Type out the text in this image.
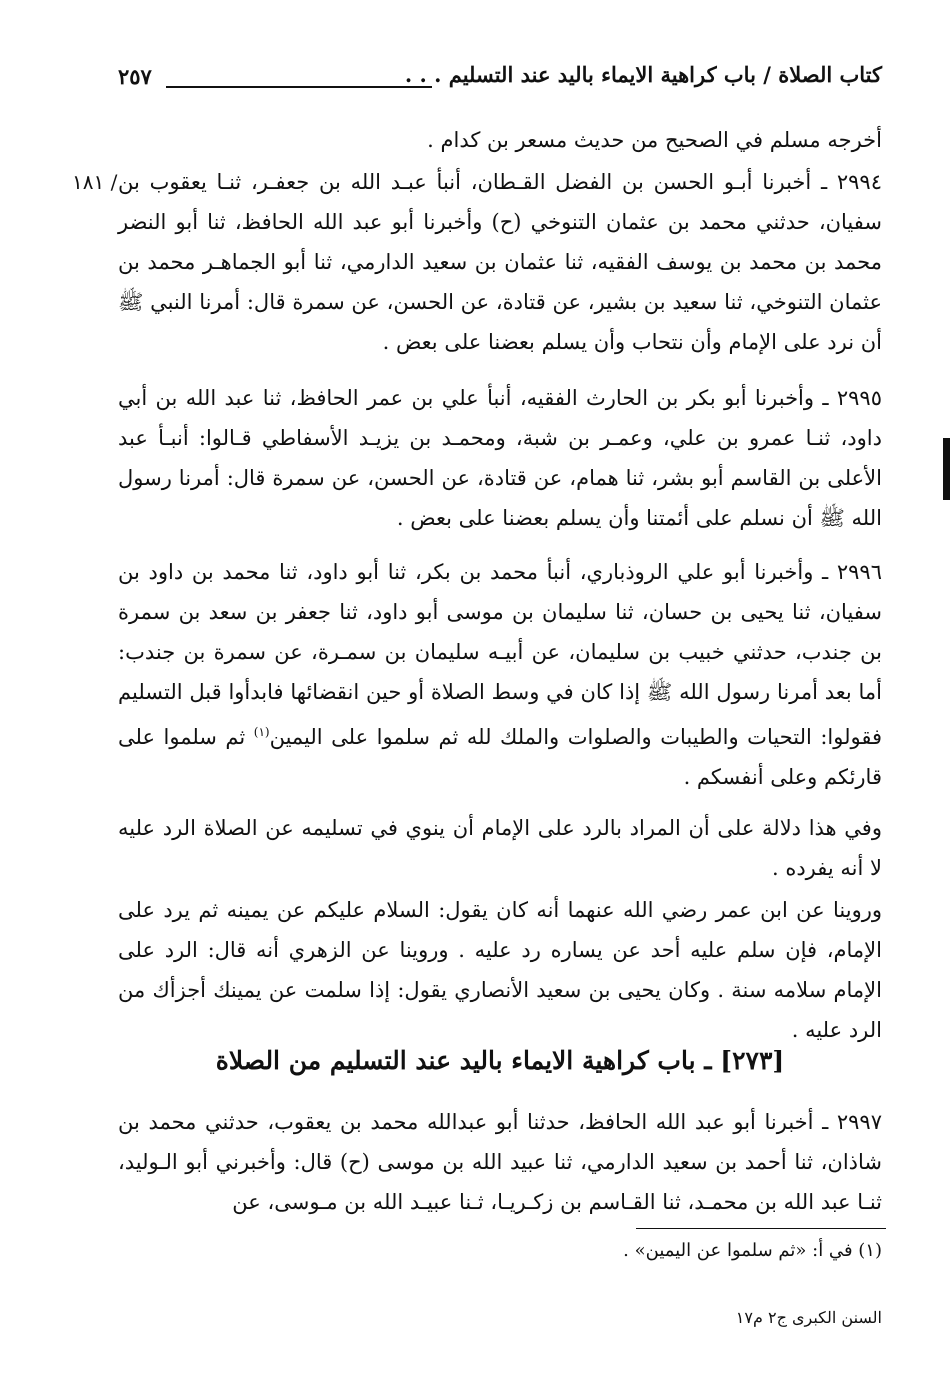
كتاب الصلاة / باب كراهية الايماء باليد عند التسليم . . .
٢٥٧

أخرجه مسلم في الصحيح من حديث مسعر بن كدام .

/ ١٨١ ٢٩٩٤ ـ أخبرنا أبـو الحسن بن الفضل القـطان، أنبأ عبـد الله بن جعفـر، ثنـا يعقوب بن سفيان، حدثني محمد بن عثمان التنوخي (ح) وأخبرنا أبو عبد الله الحافظ، ثنا أبو النضر محمد بن محمد بن يوسف الفقيه، ثنا عثمان بن سعيد الدارمي، ثنا أبو الجماهـر محمد بن عثمان التنوخي، ثنا سعيد بن بشير، عن قتادة، عن الحسن، عن سمرة قال: أمرنا النبي ﷺ أن نرد على الإمام وأن نتحاب وأن يسلم بعضنا على بعض .

٢٩٩٥ ـ وأخبرنا أبو بكر بن الحارث الفقيه، أنبأ علي بن عمر الحافظ، ثنا عبد الله بن أبي داود، ثنـا عمرو بن علي، وعمـر بن شبة، ومحمـد بن يزيـد الأسفاطي قـالوا: أنبـأ عبد الأعلى بن القاسم أبو بشر، ثنا همام، عن قتادة، عن الحسن، عن سمرة قال: أمرنا رسول الله ﷺ أن نسلم على أئمتنا وأن يسلم بعضنا على بعض .

٢٩٩٦ ـ وأخبرنا أبو علي الروذباري، أنبأ محمد بن بكر، ثنا أبو داود، ثنا محمد بن داود بن سفيان، ثنا يحيى بن حسان، ثنا سليمان بن موسى أبو داود، ثنا جعفر بن سعد بن سمرة بن جندب، حدثني خبيب بن سليمان، عن أبيـه سليمان بن سمـرة، عن سمرة بن جندب: أما بعد أمرنا رسول الله ﷺ إذا كان في وسط الصلاة أو حين انقضائها فابدأوا قبل التسليم فقولوا: التحيات والطيبات والصلوات والملك لله ثم سلموا على اليمين$^{(١)}$ ثم سلموا على قارئكم وعلى أنفسكم .

وفي هذا دلالة على أن المراد بالرد على الإمام أن ينوي في تسليمه عن الصلاة الرد عليه لا أنه يفرده .

وروينا عن ابن عمر رضي الله عنهما أنه كان يقول: السلام عليكم عن يمينه ثم يرد على الإمام، فإن سلم عليه أحد عن يساره رد عليه . وروينا عن الزهري أنه قال: الرد على الإمام سلامه سنة . وكان يحيى بن سعيد الأنصاري يقول: إذا سلمت عن يمينك أجزأك من الرد عليه .

[٢٧٣] ـ باب كراهية الايماء باليد عند التسليم من الصلاة

٢٩٩٧ ـ أخبرنا أبو عبد الله الحافظ، حدثنا أبو عبدالله محمد بن يعقوب، حدثني محمد بن شاذان، ثنا أحمد بن سعيد الدارمي، ثنا عبيد الله بن موسى (ح) قال: وأخبرني أبو الـوليد، ثنـا عبد الله بن محمـد، ثنا القـاسم بن زكـريـا، ثـنا عبيـد الله بن مـوسى، عن

(١) في أ: «ثم سلموا عن اليمين» .
السنن الكبرى ج٢ م١٧
